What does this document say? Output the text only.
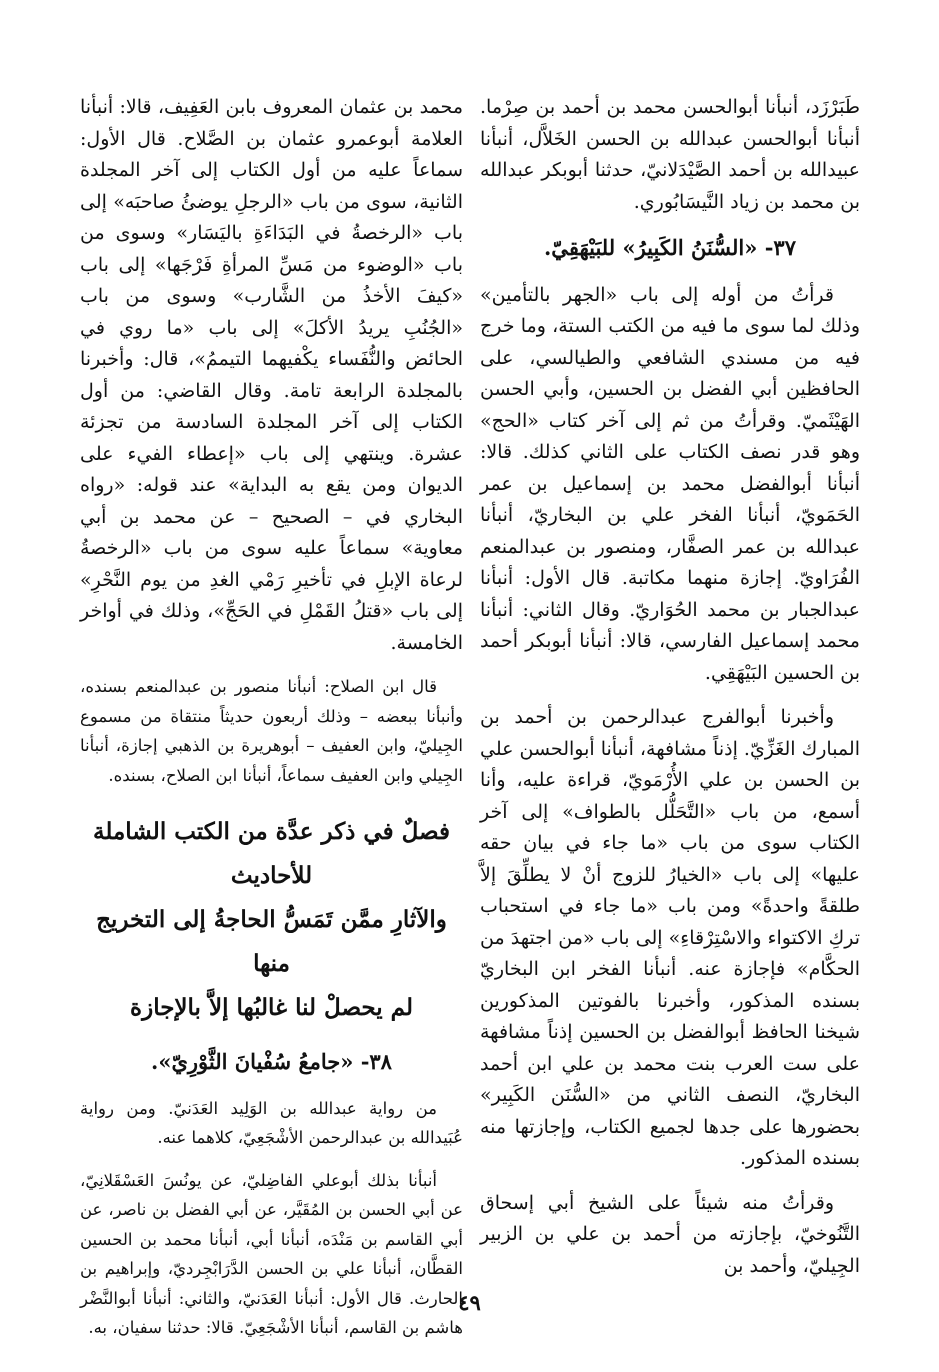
طَبَرْزَد، أنبأنا أبوالحسن محمد بن أحمد بن صِرْما. أنبأنا أبوالحسن عبدالله بن الحسن الخَلاَّل، أنبأنا عبيدالله بن أحمد الصَّيْدَلانيّ، حدثنا أبوبكر عبدالله بن محمد بن زياد النَّيسَابُوري.

٣٧- «السُّنَنُ الكَبِيرُ» للبَيْهَقِيّ.

قرأتُ من أوله إلى باب «الجهر بالتأمين» وذلك لما سوى ما فيه من الكتب الستة، وما خرج فيه من مسندي الشافعي والطيالسي، على الحافظين أبي الفضل بن الحسين، وأبي الحسن الهَيْثَميّ. وقرأتُ من ثم إلى آخر كتاب «الحج» وهو قدر نصف الكتاب على الثاني كذلك. قالا: أنبأنا أبوالفضل محمد بن إسماعيل بن عمر الحَمَويّ، أنبأنا الفخر علي بن البخاريّ، أنبأنا عبدالله بن عمر الصفَّار، ومنصور بن عبدالمنعم الفُرَاويّ. إجازة منهما مكاتبة. قال الأول: أنبأنا عبدالجبار بن محمد الحُوَاريّ. وقال الثاني: أنبأنا محمد إسماعيل الفارسي، قالا: أنبأنا أبوبكر أحمد بن الحسين البَيْهَقِي.

وأخبرنا أبوالفرج عبدالرحمن بن أحمد بن المبارك الغَزِّيّ. إذناً مشافهة، أنبأنا أبوالحسن علي بن الحسن بن علي الأُرْمَويّ، قراءة عليه، وأنا أسمع، من باب «التَّحَلُّل بالطواف» إلى آخر الكتاب سوى من باب «ما جاء في بيان حقه عليها» إلى باب «الخيارُ للزوج أنْ لا يطلِّقَ إلاَّ طلقةً واحدةً» ومن باب «ما جاء في استحباب تركِ الاكتواء والاسْتِرْقاءِ» إلى باب «من اجتهدَ من الحكَّام» فإجازة عنه. أنبأنا الفخر ابن البخاريّ بسنده المذكور، وأخبرنا بالفوتين المذكورين شيخنا الحافظ أبوالفضل بن الحسين إذناً مشافهة على ست العرب بنت محمد بن علي ابن أحمد البخاريّ، النصف الثاني من «السُّنَن الكَبِير» بحضورها على جدها لجميع الكتاب، وإجازتها منه بسنده المذكور.

وقرأتُ منه شيئاً على الشيخ أبي إسحاق التَّنُوخيّ، بإجازته من أحمد بن علي بن الزبير الجِيليّ، وأحمد بن

محمد بن عثمان المعروف بابن العَفِيف، قالا: أنبأنا العلامة أبوعمرو عثمان بن الصَّلاح. قال الأول: سماعاً عليه من أول الكتاب إلى آخر المجلدة الثانية، سوى من باب «الرجلِ يوضئُ صاحبَه» إلى باب «الرخصةُ في البَدَاءَةِ باليَسَار» وسوى من باب «الوضوء من مَسِّ المرأةِ فَرْجَها» إلى باب «كيفَ الأخذُ من الشَّارب» وسوى من باب «الجُنُبِ يريدُ الأكلَ» إلى باب «ما روي في الحائض والنُّفَساء يكْفيهما التيممُ»، قال: وأخبرنا بالمجلدة الرابعة تامة. وقال القاضي: من أول الكتاب إلى آخر المجلدة السادسة من تجزئة عشرة. وينتهي إلى باب «إعطاء الفيء على الديوان ومن يقع به البداية» عند قوله: «رواه البخاري في – الصحيح – عن محمد بن أبي معاوية» سماعاً عليه سوى من باب «الرخصةُ لرعاة الإبلِ في تأخيرِ رَمْي الغدِ من يوم النَّحْرِ» إلى باب «قتلُ القَمْلِ في الحَجِّ»، وذلك في أواخر الخامسة.

قال ابن الصلاح: أنبأنا منصور بن عبدالمنعم بسنده، وأنبأنا ببعضه – وذلك أربعون حديثاً منتقاة من مسموع الجِيليّ، وابن العفيف – أبوهريرة بن الذهبي إجازة، أنبأنا الجِيلي وابن العفيف سماعاً، أنبأنا ابن الصلاح، بسنده.

فصلٌ في ذكر عدَّة من الكتب الشاملة للأحاديث
والآثارِ ممَّن تَمَسُّ الحاجةُ إلى التخريج منها
لم يحصلْ لنا غالبُها إلاَّ بالإجازة

٣٨- «جامعُ سُفْيانَ الثَّوْرِيّ».

من رواية عبدالله بن الوَلِيد العَدَنيّ. ومن رواية عُبَيدالله بن عبدالرحمن الأشْجَعِيّ، كلاهما عنه.

أنبأنا بذلك أبوعلي الفاضِليّ، عن يونُسَ العَسْقَلانِيّ، عن أبي الحسن بن المُقَيَّر، عن أبي الفضل بن ناصر، عن أبي القاسم بن مَنْدَه، أنبأنا أبي، أنبأنا محمد بن الحسين القطَّان، أنبأنا علي بن الحسن الدَّرَابْجِرديّ، وإبراهيم بن الحارث. قال الأول: أنبأنا العَدَنيّ، والثاني: أنبأنا أبوالنَّضْر هاشم بن القاسم، أنبأنا الأشْجَعِيّ. قالا: حدثنا سفيان، به.

٤٩
